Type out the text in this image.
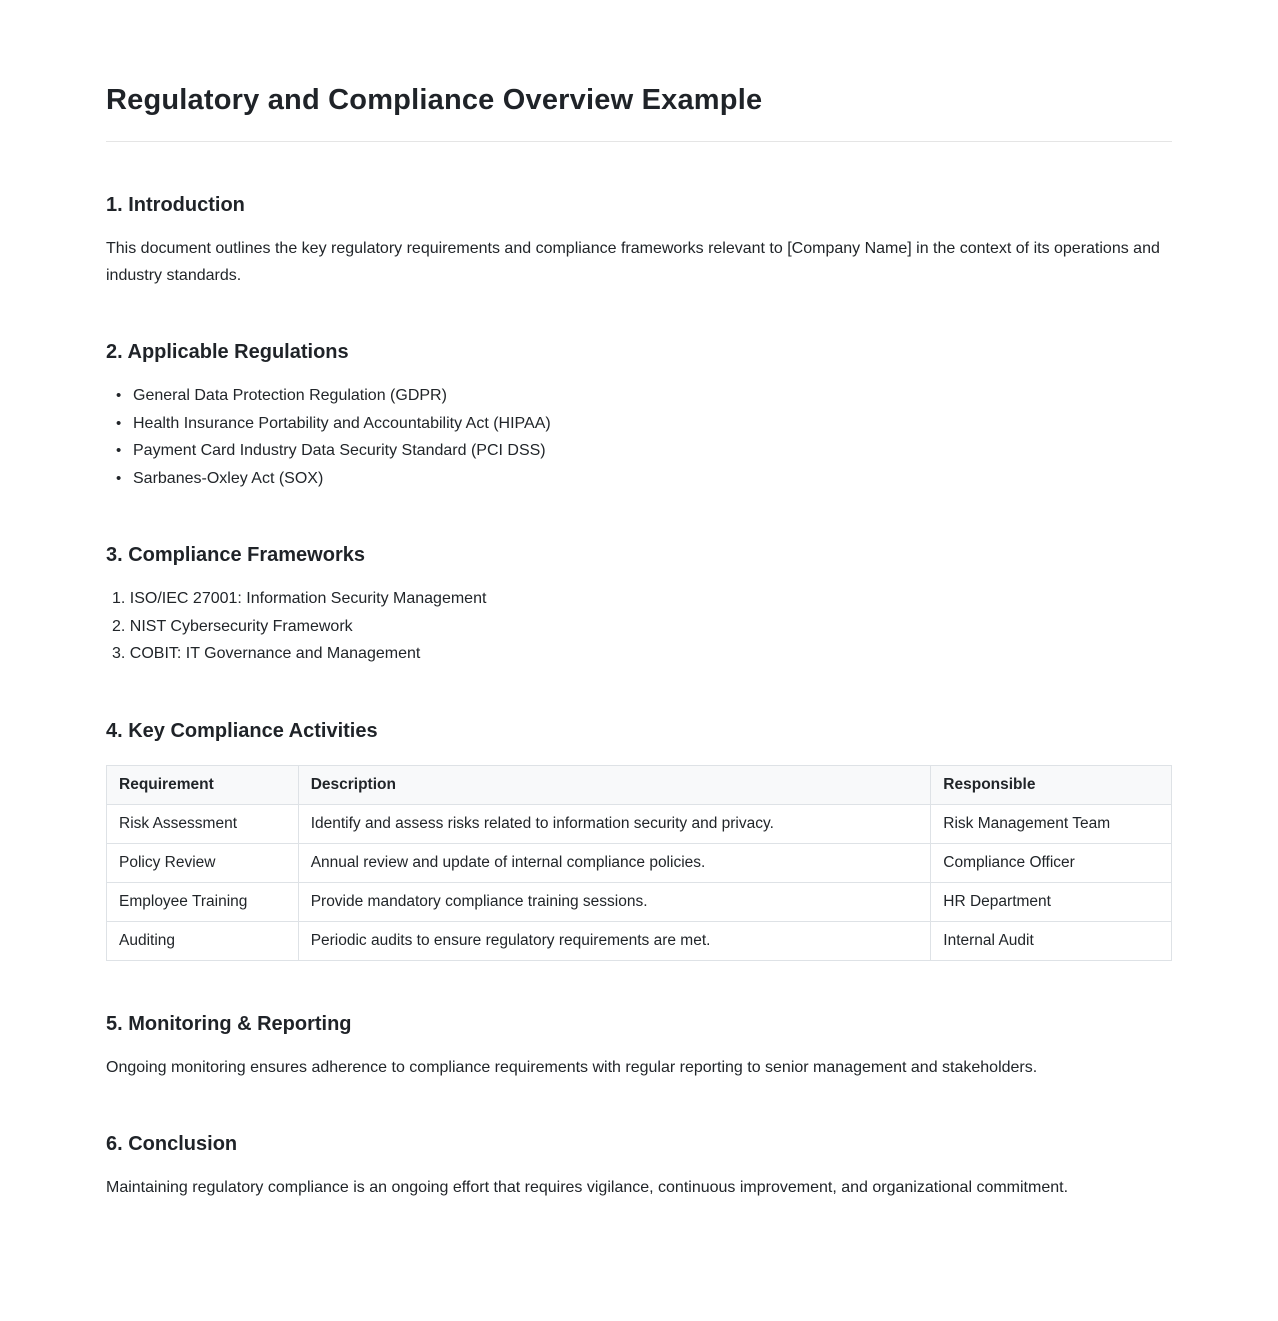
Regulatory and Compliance Overview Example
1. Introduction

This document outlines the key regulatory requirements and compliance frameworks relevant to [Company Name] in the context of its operations and industry standards.

2. Applicable Regulations
• General Data Protection Regulation (GDPR)
• Health Insurance Portability and Accountability Act (HIPAA)
• Payment Card Industry Data Security Standard (PCI DSS)
• Sarbanes-Oxley Act (SOX)
3. Compliance Frameworks
ISO/IEC 27001: Information Security Management
NIST Cybersecurity Framework
COBIT: IT Governance and Management
4. Key Compliance Activities
Requirement	Description	Responsible
Risk Assessment	Identify and assess risks related to information security and privacy.	Risk Management Team
Policy Review	Annual review and update of internal compliance policies.	Compliance Officer
Employee Training	Provide mandatory compliance training sessions.	HR Department
Auditing	Periodic audits to ensure regulatory requirements are met.	Internal Audit
5. Monitoring & Reporting

Ongoing monitoring ensures adherence to compliance requirements with regular reporting to senior management and stakeholders.

6. Conclusion

Maintaining regulatory compliance is an ongoing effort that requires vigilance, continuous improvement, and organizational commitment.
